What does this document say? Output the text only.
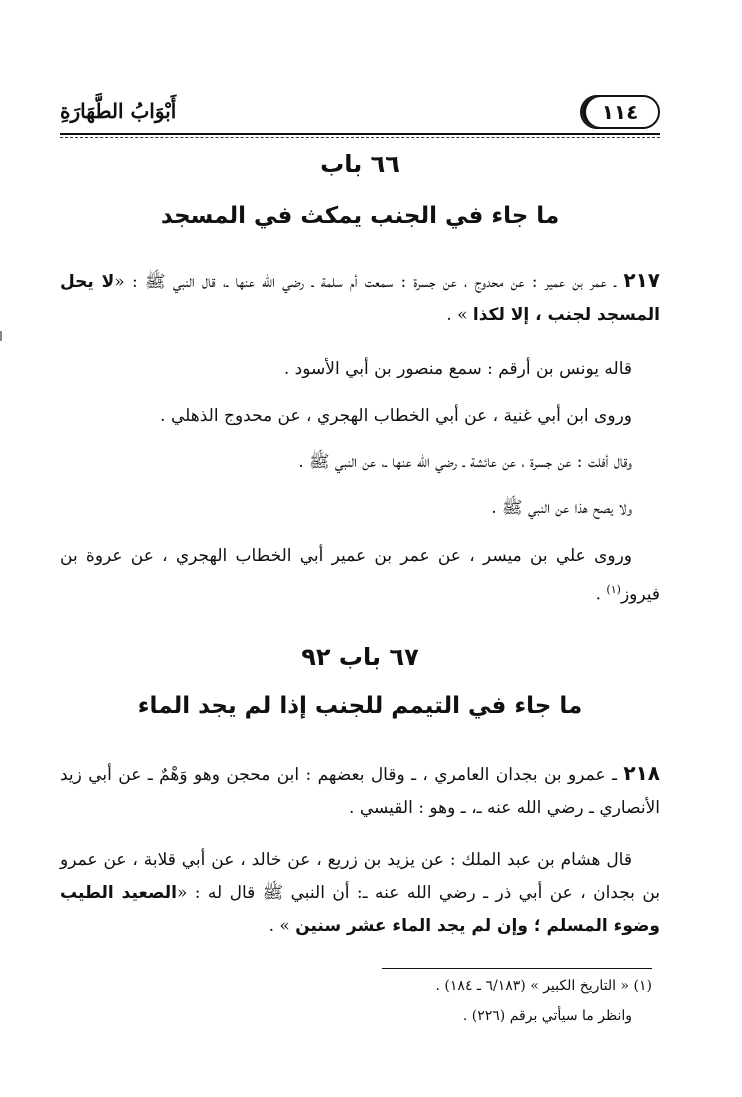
١١٤
أَبْوَابُ الطَّهَارَةِ
٦٦ باب
ما جاء في الجنب يمكث في المسجد
٢١٧ ـ عمر بن عمير : عن محدوج ، عن جسرة : سمعت أم سلمة ـ رضي الله عنها ـ، قال النبي ﷺ : «لا يحل المسجد لجنب ، إلا لكذا » .
قاله يونس بن أرقم : سمع منصور بن أبي الأسود .
وروى ابن أبي غنية ، عن أبي الخطاب الهجري ، عن محدوج الذهلي .
وقال أفلت : عن جسرة ، عن عائشة ـ رضي الله عنها ـ، عن النبي ﷺ .
ولا يصح هذا عن النبي ﷺ .
وروى علي بن ميسر ، عن عمر بن عمير أبي الخطاب الهجري ، عن عروة بن فيروز$^{(١)}$ .
٦٧ باب ٩٢
ما جاء في التيمم للجنب إذا لم يجد الماء
٢١٨ ـ عمرو بن بجدان العامري ، ـ وقال بعضهم : ابن محجن وهو وَهْمٌ ـ عن أبي زيد الأنصاري ـ رضي الله عنه ـ، ـ وهو : القيسي .
قال هشام بن عبد الملك : عن يزيد بن زريع ، عن خالد ، عن أبي قلابة ، عن عمرو بن بجدان ، عن أبي ذر ـ رضي الله عنه ـ: أن النبي ﷺ قال له : «الصعيد الطيب وضوء المسلم ؛ وإن لم يجد الماء عشر سنين » .
(١) « التاريخ الكبير » (٦/١٨٣ ـ ١٨٤) .
وانظر ما سيأتي برقم (٢٢٦) .
